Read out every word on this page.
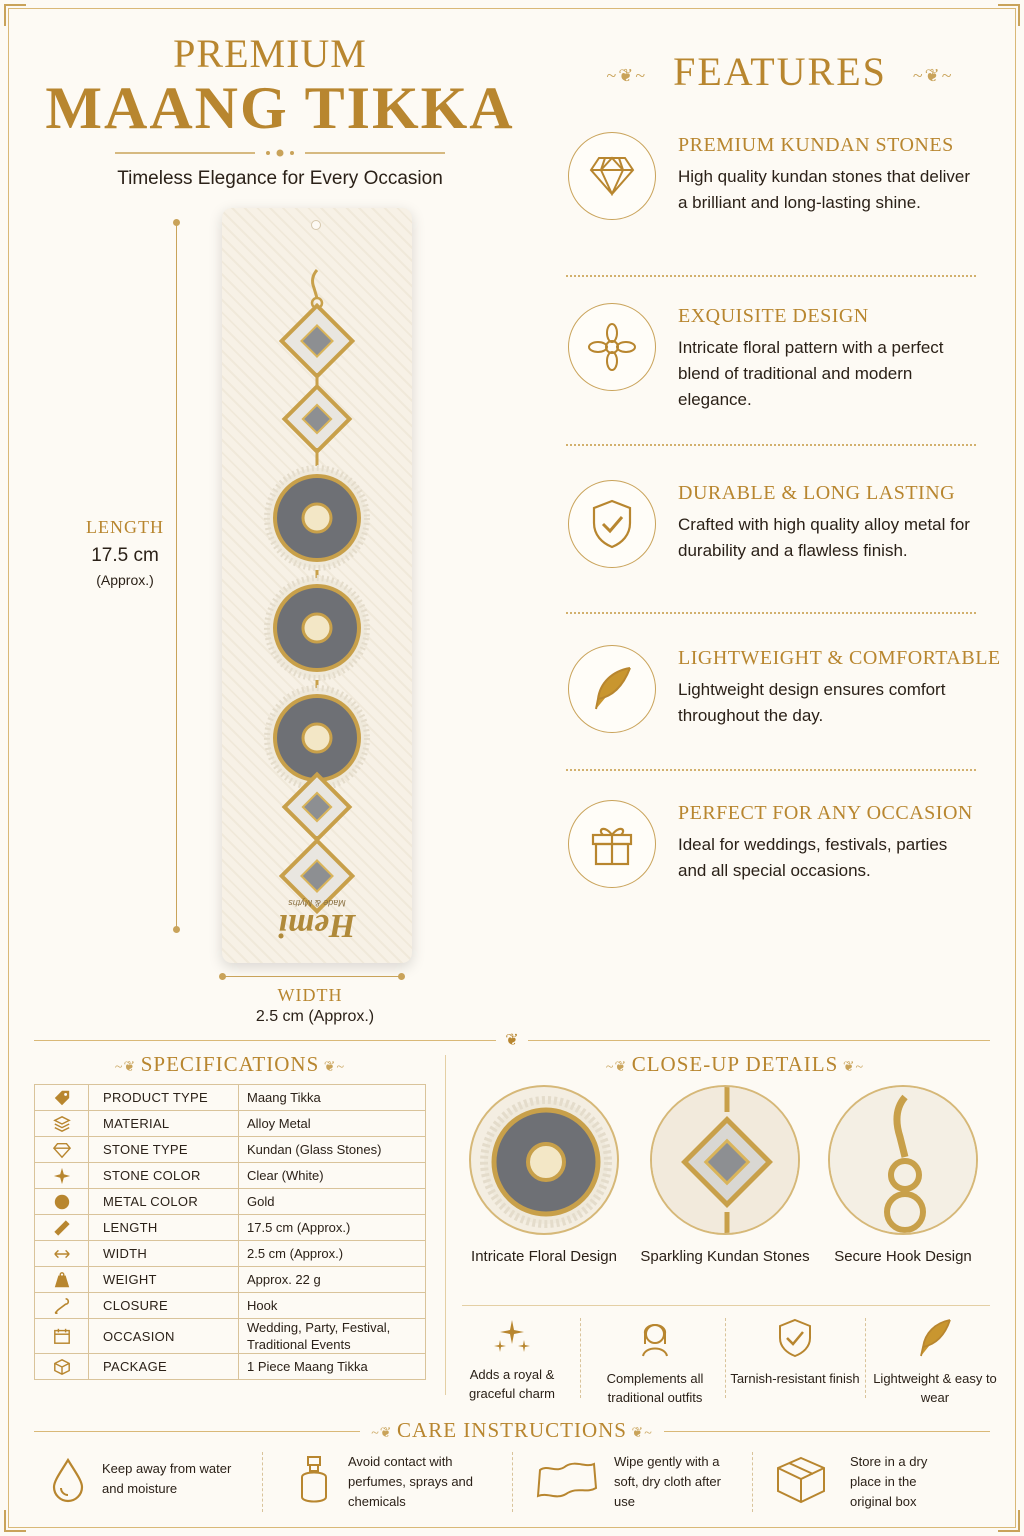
PREMIUM
MAANG TIKKA
Timeless Elegance for Every Occasion
LENGTH
17.5 cm
(Approx.)
Hemi
Made & Myths
WIDTH
2.5 cm (Approx.)
~❦~ FEATURES ~❦~
PREMIUM KUNDAN STONES
High quality kundan stones that deliver a brilliant and long-lasting shine.
EXQUISITE DESIGN
Intricate floral pattern with a perfect blend of traditional and modern elegance.
DURABLE & LONG LASTING
Crafted with high quality alloy metal for durability and a flawless finish.
LIGHTWEIGHT & COMFORTABLE
Lightweight design ensures comfort throughout the day.
PERFECT FOR ANY OCCASION
Ideal for weddings, festivals, parties and all special occasions.
❦
~❦ SPECIFICATIONS ❦~
	PRODUCT TYPE	Maang Tikka
	MATERIAL	Alloy Metal
	STONE TYPE	Kundan (Glass Stones)
	STONE COLOR	Clear (White)
	METAL COLOR	Gold
	LENGTH	17.5 cm (Approx.)
	WIDTH	2.5 cm (Approx.)
	WEIGHT	Approx. 22 g
	CLOSURE	Hook
	OCCASION	Wedding, Party, Festival, Traditional Events
	PACKAGE	1 Piece Maang Tikka
~❦ CLOSE-UP DETAILS ❦~
Intricate Floral Design	Sparkling Kundan Stones	Secure Hook Design
Adds a royal & graceful charm
Complements all traditional outfits
Tarnish-resistant finish Lightweight & easy to wear
~❦ CARE INSTRUCTIONS ❦~
Keep away from water and moisture
Avoid contact with perfumes, sprays and chemicals
Wipe gently with a soft, dry cloth after use
Store in a dry place in the original box
